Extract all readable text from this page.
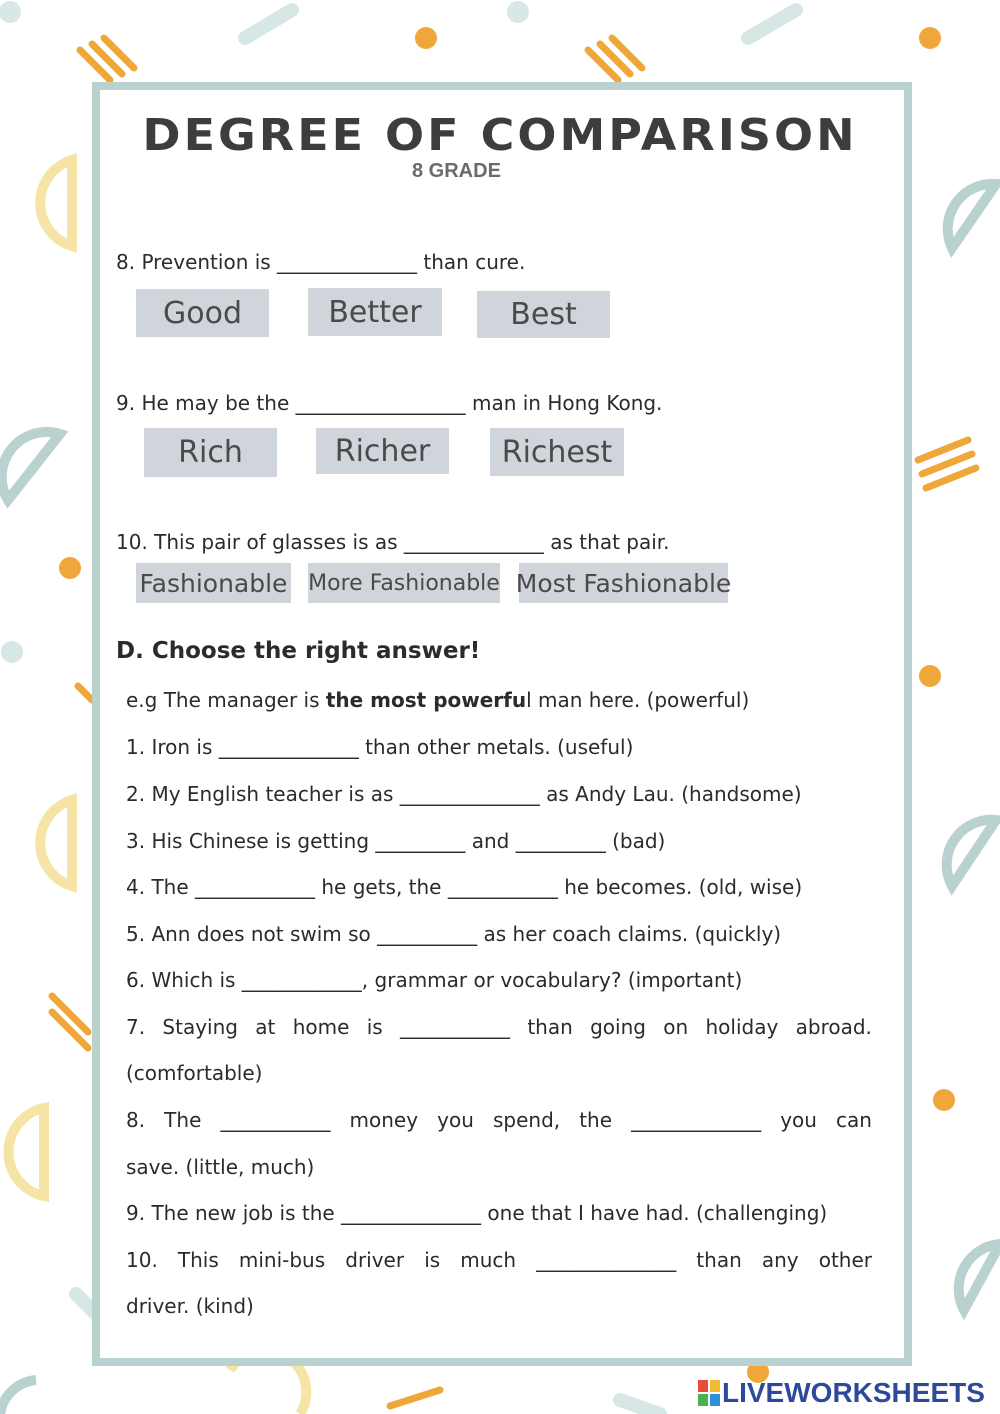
DEGREE OF COMPARISON
8 GRADE
8. Prevention is ______________ than cure.
Good	Better	Best
9. He may be the _________________ man in Hong Kong.
Rich	Richer	Richest
10. This pair of glasses is as ______________ as that pair.
Fashionable More Fashionable Most Fashionable
D. Choose the right answer!
e.g The manager is the most powerful man here. (powerful)
1. Iron is ______________ than other metals. (useful)
2. My English teacher is as ______________ as Andy Lau. (handsome)
3. His Chinese is getting _________ and _________ (bad)
4. The ____________ he gets, the ___________ he becomes. (old, wise)
5. Ann does not swim so __________ as her coach claims. (quickly)
6. Which is ____________, grammar or vocabulary? (important)
7. Staying at home is ___________ than going on holiday abroad.
(comfortable)
8. The ___________ money you spend, the _____________ you can
save. (little, much)
9. The new job is the ______________ one that I have had. (challenging)
10. This mini-bus driver is much ______________ than any other
driver. (kind)
LIVEWORKSHEETS
